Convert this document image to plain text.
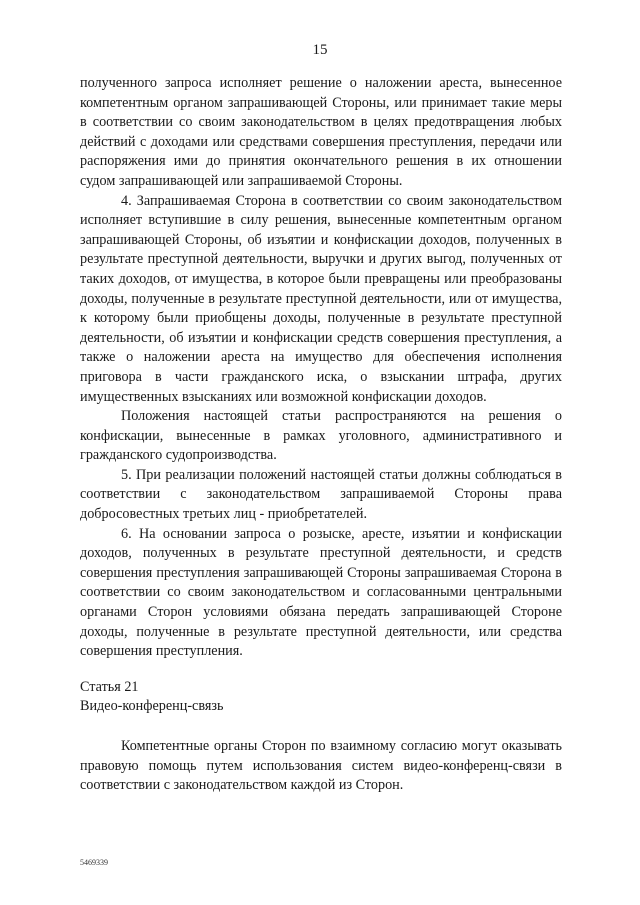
15

полученного запроса исполняет решение о наложении ареста, вынесенное компетентным органом запрашивающей Стороны, или принимает такие меры в соответствии со своим законодательством в целях предотвращения любых действий с доходами или средствами совершения преступления, передачи или распоряжения ими до принятия окончательного решения в их отношении судом запрашивающей или запрашиваемой Стороны.

4. Запрашиваемая Сторона в соответствии со своим законодательством исполняет вступившие в силу решения, вынесенные компетентным органом запрашивающей Стороны, об изъятии и конфискации доходов, полученных в результате преступной деятельности, выручки и других выгод, полученных от таких доходов, от имущества, в которое были превращены или преобразованы доходы, полученные в результате преступной деятельности, или от имущества, к которому были приобщены доходы, полученные в результате преступной деятельности, об изъятии и конфискации средств совершения преступления, а также о наложении ареста на имущество для обеспечения исполнения приговора в части гражданского иска, о взыскании штрафа, других имущественных взысканиях или возможной конфискации доходов.

Положения настоящей статьи распространяются на решения о конфискации, вынесенные в рамках уголовного, административного и гражданского судопроизводства.

5. При реализации положений настоящей статьи должны соблюдаться в соответствии с законодательством запрашиваемой Стороны права добросовестных третьих лиц - приобретателей.

6. На основании запроса о розыске, аресте, изъятии и конфискации доходов, полученных в результате преступной деятельности, и средств совершения преступления запрашивающей Стороны запрашиваемая Сторона в соответствии со своим законодательством и согласованными центральными органами Сторон условиями обязана передать запрашивающей Стороне доходы, полученные в результате преступной деятельности, или средства совершения преступления.

Статья 21

Видео-конференц-связь

Компетентные органы Сторон по взаимному согласию могут оказывать правовую помощь путем использования систем видео-конференц-связи в соответствии с законодательством каждой из Сторон.

5469339
